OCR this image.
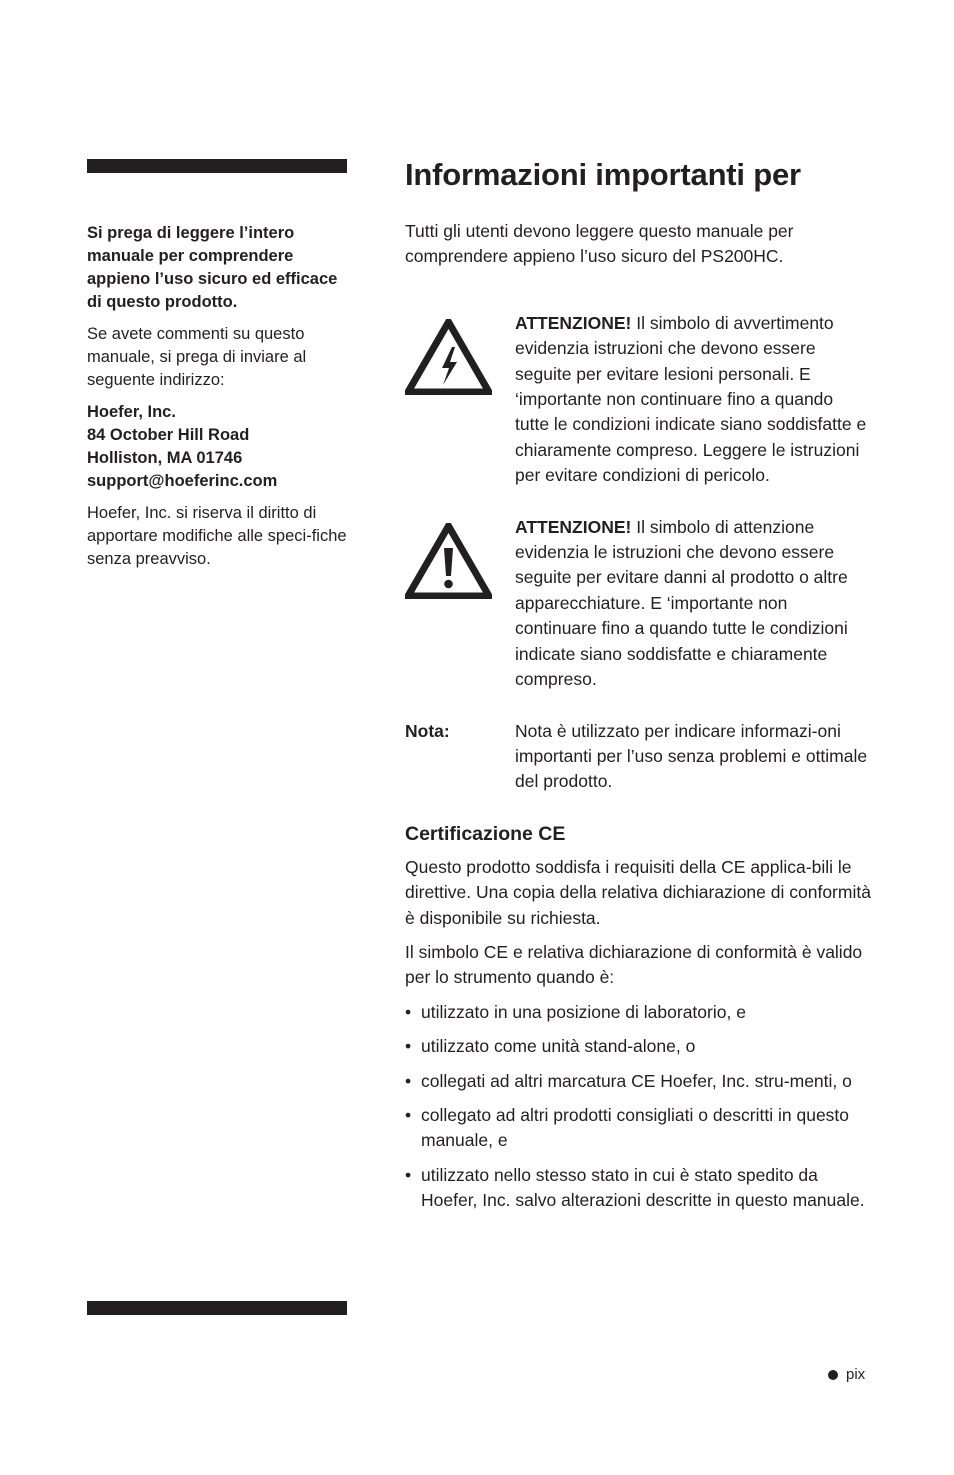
Si prega di leggere l’intero manuale per comprendere appieno l’uso sicuro ed efficace di questo prodotto.

Se avete commenti su questo manuale, si prega di inviare al seguente indirizzo:

Hoefer, Inc.
84 October Hill Road
Holliston, MA 01746
support@hoeferinc.com

Hoefer, Inc. si riserva il diritto di apportare modifiche alle speci-fiche senza preavviso.

Informazioni importanti per
Tutti gli utenti devono leggere questo manuale per comprendere appieno l’uso sicuro del PS200HC.
ATTENZIONE! Il simbolo di avvertimento evidenzia istruzioni che devono essere seguite per evitare lesioni personali. E ‘importante non continuare fino a quando tutte le condizioni indicate siano soddisfatte e chiaramente compreso. Leggere le istruzioni per evitare condizioni di pericolo.
ATTENZIONE! Il simbolo di attenzione evidenzia le istruzioni che devono essere seguite per evitare danni al prodotto o altre apparecchiature. E ‘importante non continuare fino a quando tutte le condizioni indicate siano soddisfatte e chiaramente compreso.
Nota:	Nota è utilizzato per indicare informazi-oni importanti per l’uso senza problemi e ottimale del prodotto.
Certificazione CE
Questo prodotto soddisfa i requisiti della CE applica-bili le direttive. Una copia della relativa dichiarazione di conformità è disponibile su richiesta.
Il simbolo CE e relativa dichiarazione di conformità è valido per lo strumento quando è:
• utilizzato in una posizione di laboratorio, e
• utilizzato come unità stand-alone, o
• collegati ad altri marcatura CE Hoefer, Inc. stru-menti, o
• collegato ad altri prodotti consigliati o descritti in questo manuale, e
• utilizzato nello stesso stato in cui è stato spedito da Hoefer, Inc. salvo alterazioni descritte in questo manuale.
pix
